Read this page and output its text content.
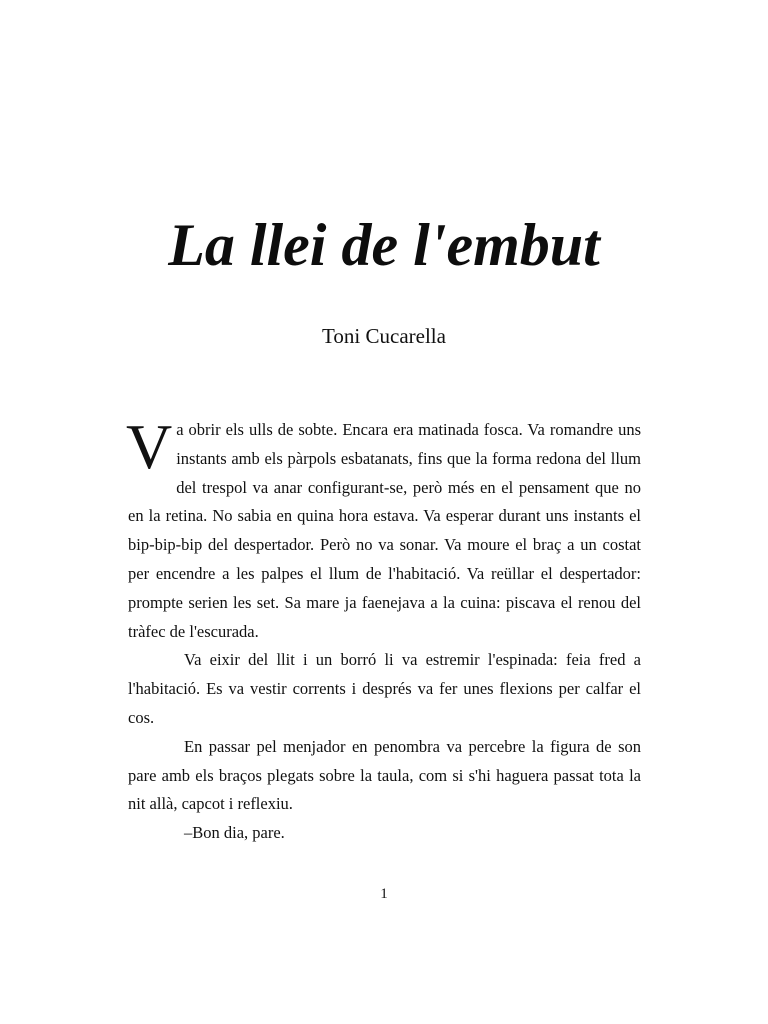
La llei de l'embut

Toni Cucarella

Va obrir els ulls de sobte. Encara era matinada fosca. Va romandre uns instants amb els pàrpols esbatanats, fins que la forma redona del llum del trespol va anar configurant-se, però més en el pensament que no en la retina. No sabia en quina hora estava. Va esperar durant uns instants el bip-bip-bip del despertador. Però no va sonar. Va moure el braç a un costat per encendre a les palpes el llum de l'habitació. Va reüllar el despertador: prompte serien les set. Sa mare ja faenejava a la cuina: piscava el renou del tràfec de l'escurada.

Va eixir del llit i un borró li va estremir l'espinada: feia fred a l'habitació. Es va vestir corrents i després va fer unes flexions per calfar el cos.

En passar pel menjador en penombra va percebre la figura de son pare amb els braços plegats sobre la taula, com si s'hi haguera passat tota la nit allà, capcot i reflexiu.

–Bon dia, pare.

1
